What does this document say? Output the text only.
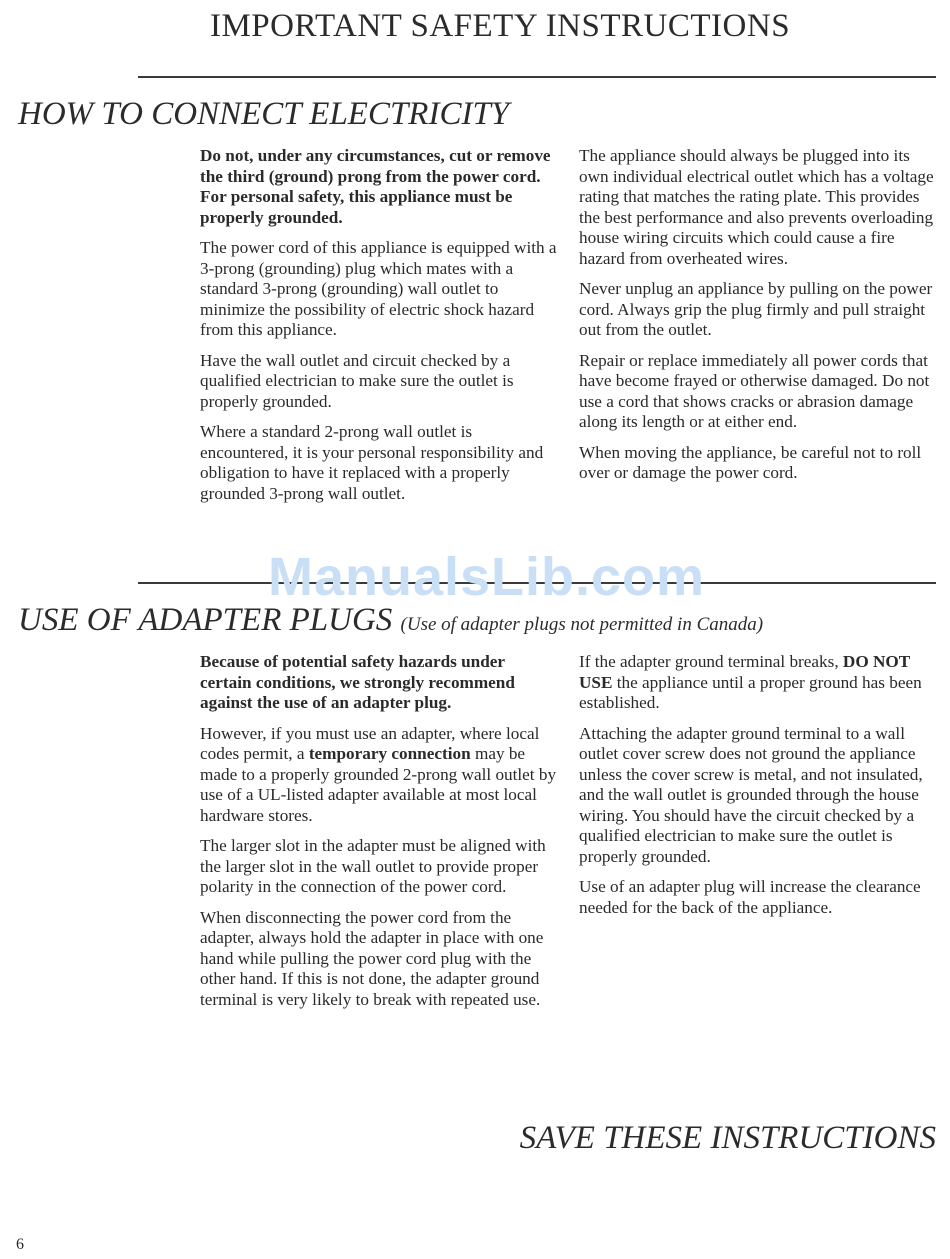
IMPORTANT SAFETY INSTRUCTIONS
HOW TO CONNECT ELECTRICITY

Do not, under any circumstances, cut or remove the third (ground) prong from the power cord. For personal safety, this appliance must be properly grounded.

The power cord of this appliance is equipped with a 3-prong (grounding) plug which mates with a standard 3-prong (grounding) wall outlet to minimize the possibility of electric shock hazard from this appliance.

Have the wall outlet and circuit checked by a qualified electrician to make sure the outlet is properly grounded.

Where a standard 2-prong wall outlet is encountered, it is your personal responsibility and obligation to have it replaced with a properly grounded 3-prong wall outlet.

The appliance should always be plugged into its own individual electrical outlet which has a voltage rating that matches the rating plate. This provides the best performance and also prevents overloading house wiring circuits which could cause a fire hazard from overheated wires.

Never unplug an appliance by pulling on the power cord. Always grip the plug firmly and pull straight out from the outlet.

Repair or replace immediately all power cords that have become frayed or otherwise damaged. Do not use a cord that shows cracks or abrasion damage along its length or at either end.

When moving the appliance, be careful not to roll over or damage the power cord.

ManualsLib.com
USE OF ADAPTER PLUGS (Use of adapter plugs not permitted in Canada)

Because of potential safety hazards under certain conditions, we strongly recommend against the use of an adapter plug.

However, if you must use an adapter, where local codes permit, a temporary connection may be made to a properly grounded 2-prong wall outlet by use of a UL-listed adapter available at most local hardware stores.

The larger slot in the adapter must be aligned with the larger slot in the wall outlet to provide proper polarity in the connection of the power cord.

When disconnecting the power cord from the adapter, always hold the adapter in place with one hand while pulling the power cord plug with the other hand. If this is not done, the adapter ground terminal is very likely to break with repeated use.

If the adapter ground terminal breaks, DO NOT USE the appliance until a proper ground has been established.

Attaching the adapter ground terminal to a wall outlet cover screw does not ground the appliance unless the cover screw is metal, and not insulated, and the wall outlet is grounded through the house wiring. You should have the circuit checked by a qualified electrician to make sure the outlet is properly grounded.

Use of an adapter plug will increase the clearance needed for the back of the appliance.

SAVE THESE INSTRUCTIONS
6
